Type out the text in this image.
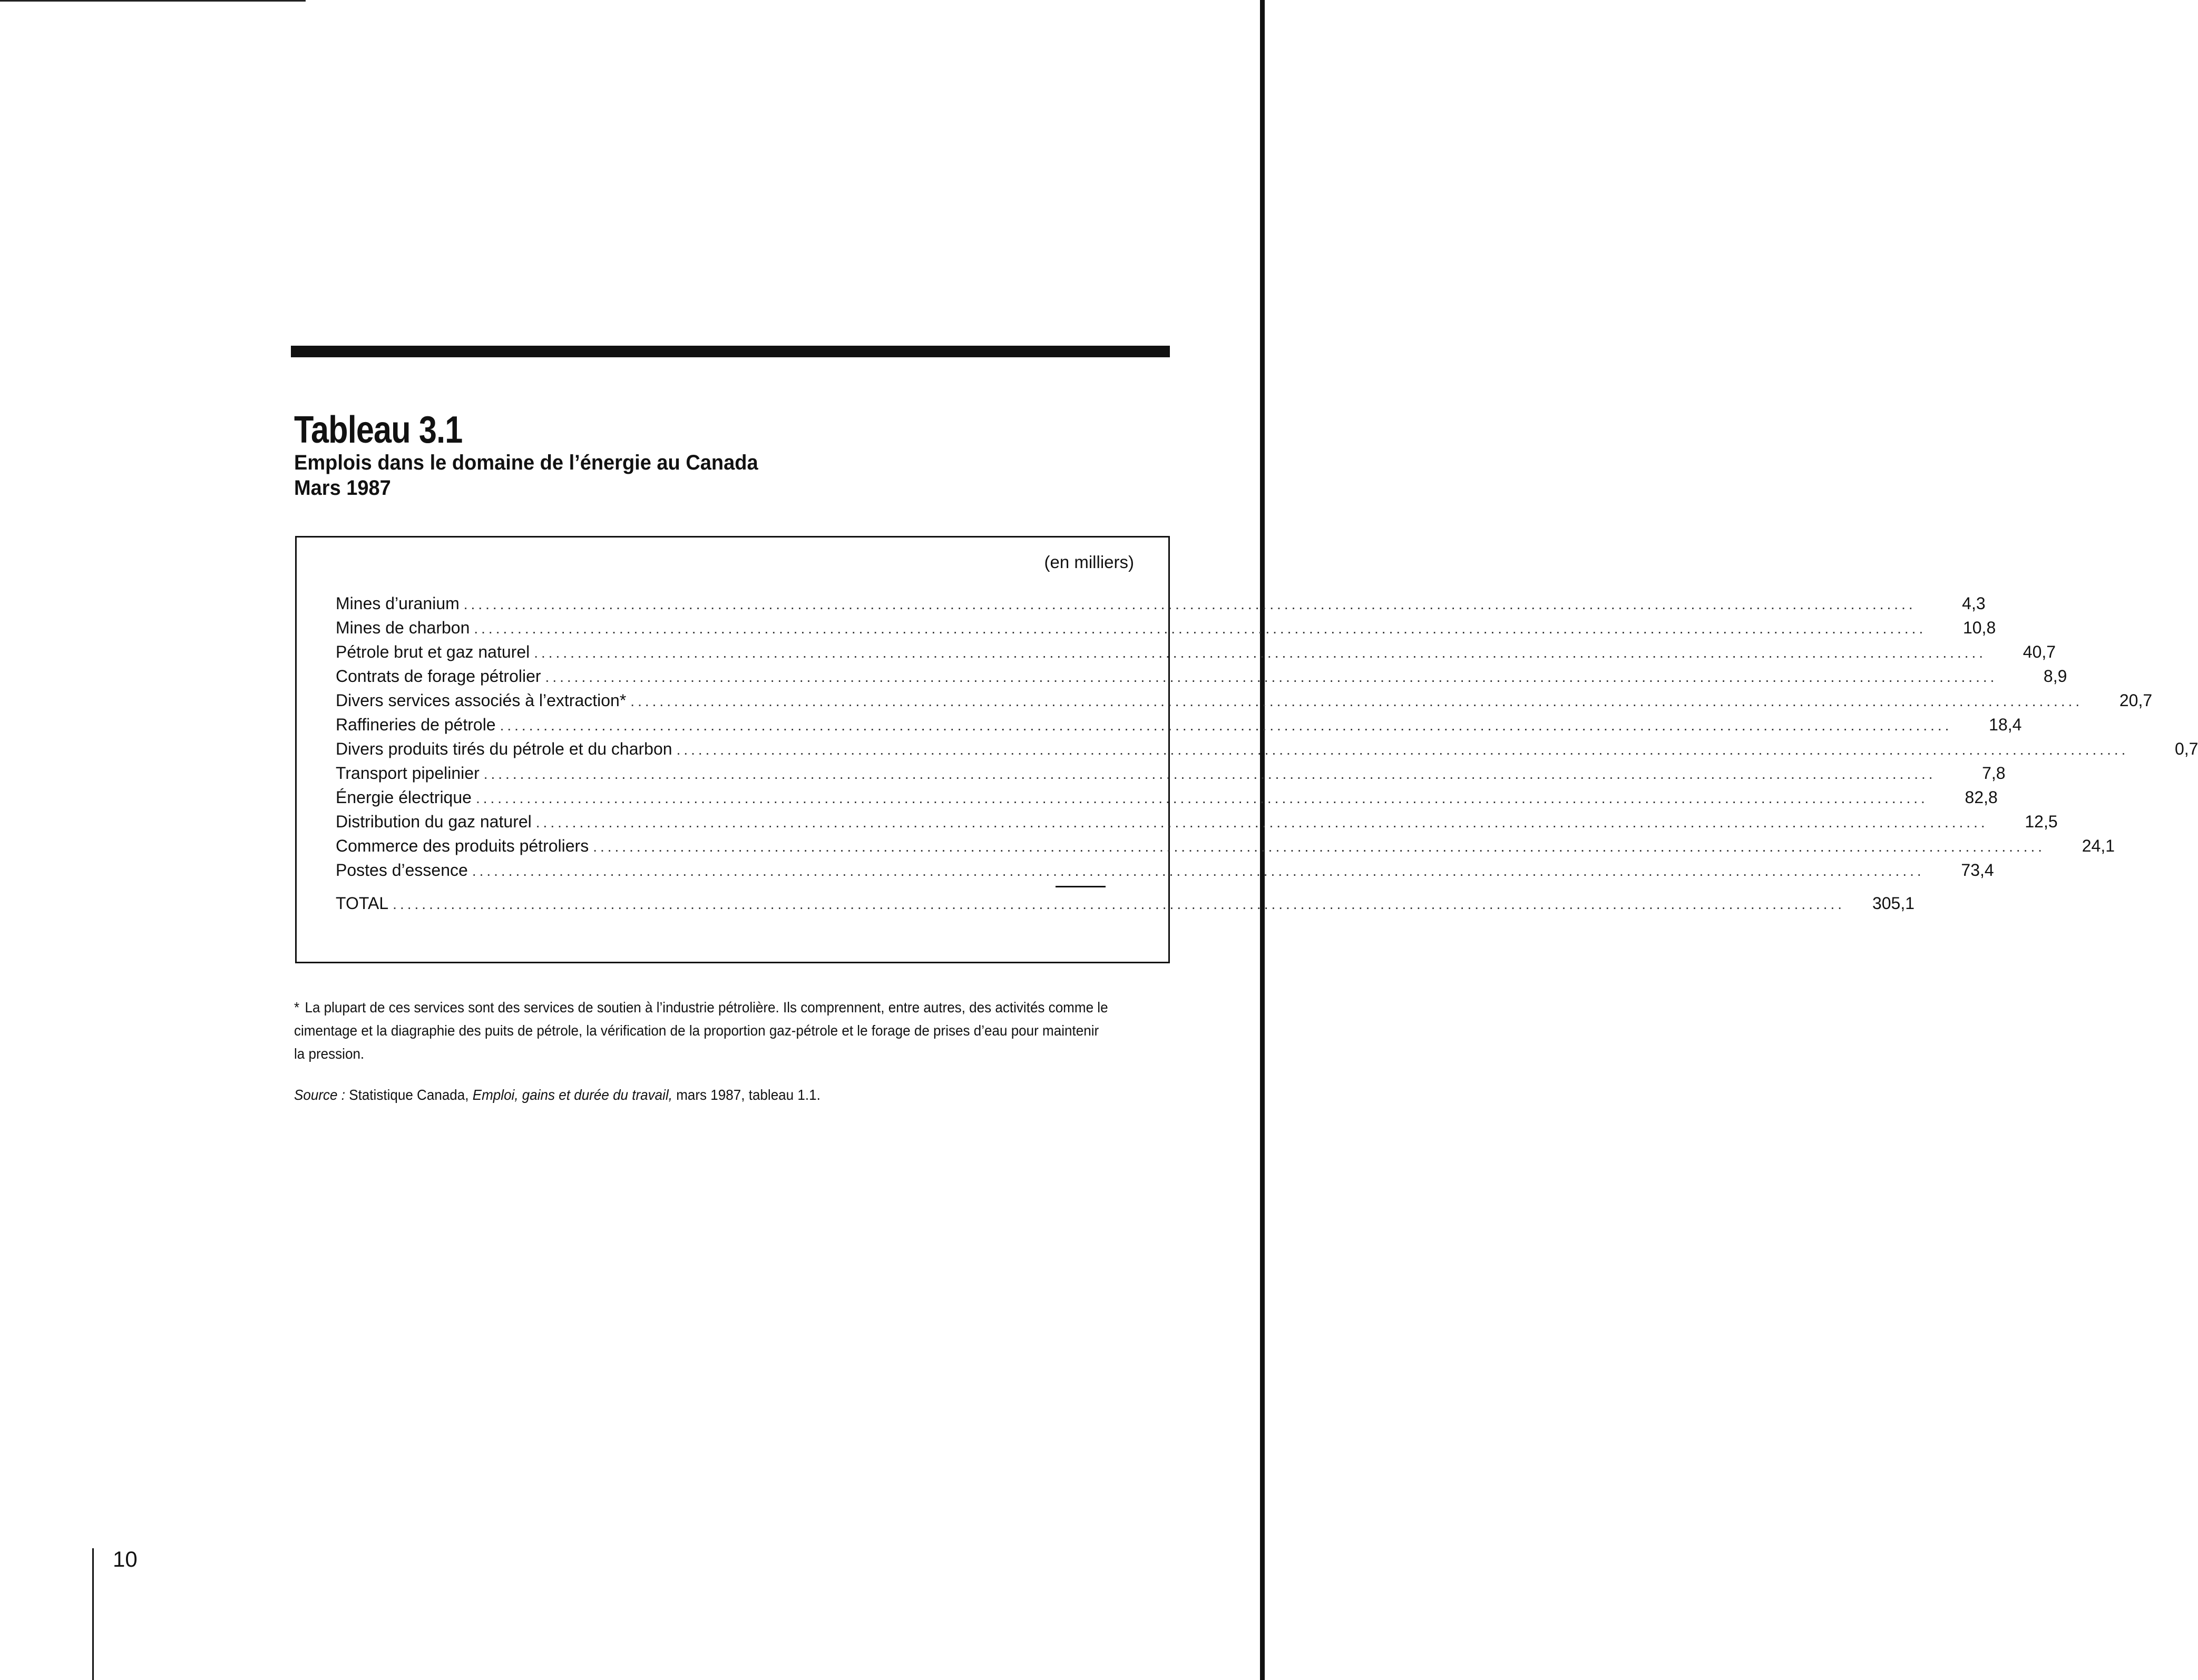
Tableau 3.1
Emplois dans le domaine de l’énergie au Canada
Mars 1987
(en milliers)
Mines d’uranium ........................................................................................................................................................................................................	4,3
Mines de charbon ........................................................................................................................................................................................................	10,8
Pétrole brut et gaz naturel ........................................................................................................................................................................................................	40,7
Contrats de forage pétrolier ........................................................................................................................................................................................................	8,9
Divers services associés à l’extraction* ........................................................................................................................................................................................................	20,7
Raffineries de pétrole ........................................................................................................................................................................................................	18,4
Divers produits tirés du pétrole et du charbon ........................................................................................................................................................................................................	0,7
Transport pipelinier ........................................................................................................................................................................................................	7,8
Énergie électrique ........................................................................................................................................................................................................	82,8
Distribution du gaz naturel ........................................................................................................................................................................................................	12,5
Commerce des produits pétroliers ........................................................................................................................................................................................................	24,1
Postes d’essence ........................................................................................................................................................................................................	73,4
TOTAL ........................................................................................................................................................................................................	305,1
* La plupart de ces services sont des services de soutien à l’industrie pétrolière. Ils comprennent, entre autres, des activités comme le cimentage et la diagraphie des puits de pétrole, la vérification de la proportion gaz-pétrole et le forage de prises d’eau pour maintenir la pression.
Source : Statistique Canada, Emploi, gains et durée du travail, mars 1987, tableau 1.1.
10
